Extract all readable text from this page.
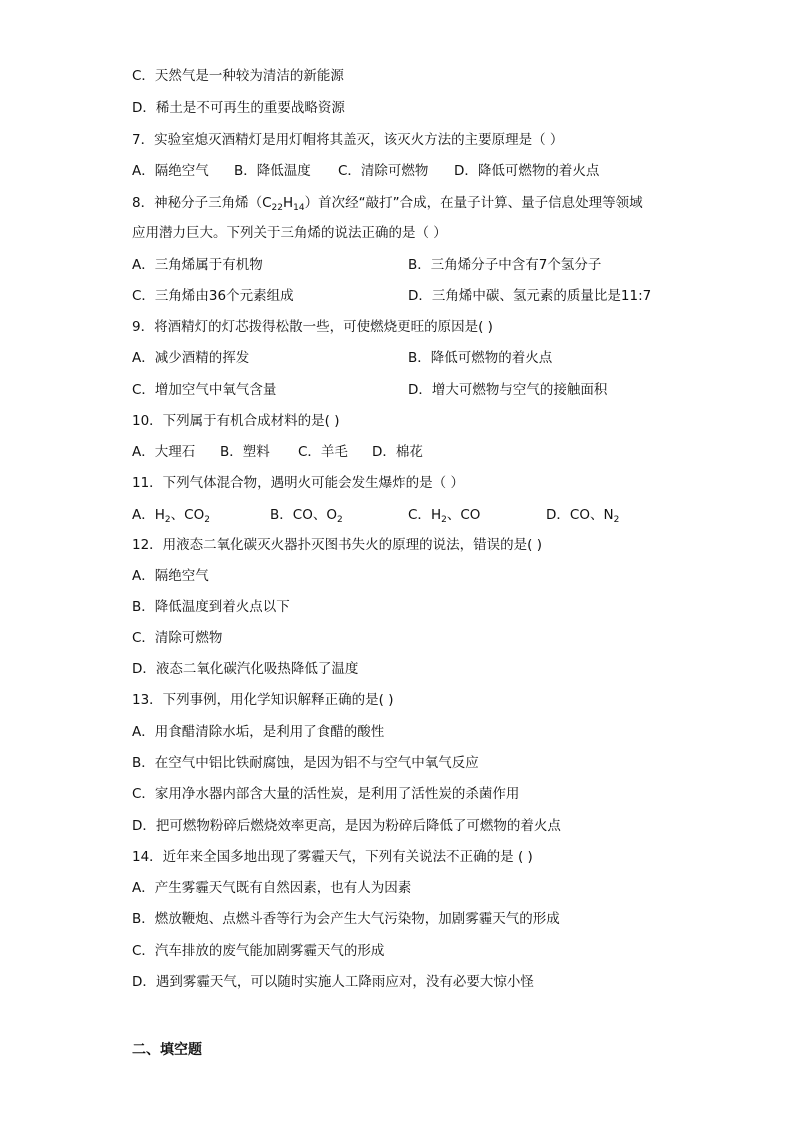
C．天然气是一种较为清洁的新能源
D．稀土是不可再生的重要战略资源
7．实验室熄灭酒精灯是用灯帽将其盖灭，该灭火方法的主要原理是（ ）
A．隔绝空气 B．降低温度 C．清除可燃物 D．降低可燃物的着火点
8．神秘分子三角烯$(C_{22}H_{14})$首次经“敲打”合成，在量子计算、量子信息处理等领域
应用潜力巨大。下列关于三角烯的说法正确的是（ ）
A．三角烯属于有机物	B．三角烯分子中含有7个氢分子
C．三角烯由36个元素组成	D．三角烯中碳、氢元素的质量比是11:7
9．将酒精灯的灯芯拨得松散一些，可使燃烧更旺的原因是( )
A．减少酒精的挥发	B．降低可燃物的着火点
C．增加空气中氧气含量	D．增大可燃物与空气的接触面积
10．下列属于有机合成材料的是( )
A．大理石 B．塑料 C．羊毛 D．棉花
11．下列气体混合物，遇明火可能会发生爆炸的是（ ）
A．$H_2$、$CO_2$	B．CO、$O_2$	C．$H_2$、CO	D．CO、$N_2$
12．用液态二氧化碳灭火器扑灭图书失火的原理的说法，错误的是( )
A．隔绝空气
B．降低温度到着火点以下
C．清除可燃物
D．液态二氧化碳汽化吸热降低了温度
13．下列事例，用化学知识解释正确的是( )
A．用食醋清除水垢，是利用了食醋的酸性
B．在空气中铝比铁耐腐蚀，是因为铝不与空气中氧气反应
C．家用净水器内部含大量的活性炭，是利用了活性炭的杀菌作用
D．把可燃物粉碎后燃烧效率更高，是因为粉碎后降低了可燃物的着火点
14．近年来全国多地出现了雾霾天气，下列有关说法不正确的是 ( )
A．产生雾霾天气既有自然因素，也有人为因素
B．燃放鞭炮、点燃斗香等行为会产生大气污染物，加剧雾霾天气的形成
C．汽车排放的废气能加剧雾霾天气的形成
D．遇到雾霾天气，可以随时实施人工降雨应对，没有必要大惊小怪
二、填空题
